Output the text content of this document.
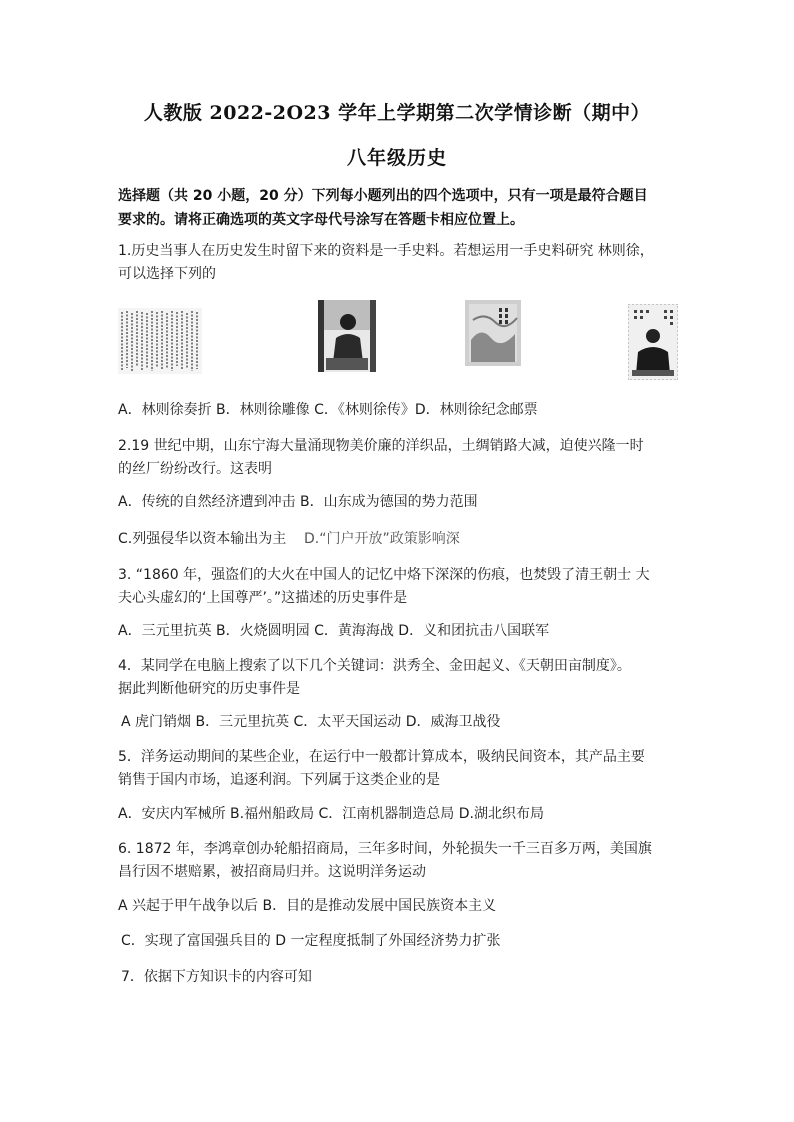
人教版 2022-2O23 学年上学期第二次学情诊断（期中）
八年级历史
选择题（共 20 小题，20 分）下列每小题列出的四个选项中，只有一项是最符合题目
要求的。请将正确选项的英文字母代号涂写在答题卡相应位置上。
1.历史当事人在历史发生时留下来的资料是一手史料。若想运用一手史料研究 林则徐，
可以选择下列的
A．林则徐奏折 B．林则徐雕像 C．《林则徐传》D．林则徐纪念邮票
2.19 世纪中期，山东宁海大量涌现物美价廉的洋织品，土绸销路大减，迫使兴隆一时
的丝厂纷纷改行。这表明
A．传统的自然经济遭到冲击 B．山东成为德国的势力范围
C.列强侵华以资本输出为主 D.“门户开放”政策影响深
3. “1860 年，强盗们的大火在中国人的记忆中烙下深深的伤痕，也焚毁了清王朝士 大
夫心头虚幻的‘上国尊严’。”这描述的历史事件是
A．三元里抗英 B．火烧圆明园 C．黄海海战 D．义和团抗击八国联军
4．某同学在电脑上搜索了以下几个关键词：洪秀全、金田起义、《天朝田亩制度》。
据此判断他研究的历史事件是
A 虎门销烟 B．三元里抗英 C．太平天国运动 D．威海卫战役
5．洋务运动期间的某些企业，在运行中一般都计算成本，吸纳民间资本，其产品主要
销售于国内市场，追逐利润。下列属于这类企业的是
A．安庆内军械所 B.福州船政局 C．江南机器制造总局 D.湖北织布局
6. 1872 年，李鸿章创办轮船招商局，三年多时间，外轮损失一千三百多万两，美国旗
昌行因不堪赔累，被招商局归并。这说明洋务运动
A 兴起于甲午战争以后 B．目的是推动发展中国民族资本主义
C．实现了富国强兵目的 D 一定程度抵制了外国经济势力扩张
7．依据下方知识卡的内容可知
